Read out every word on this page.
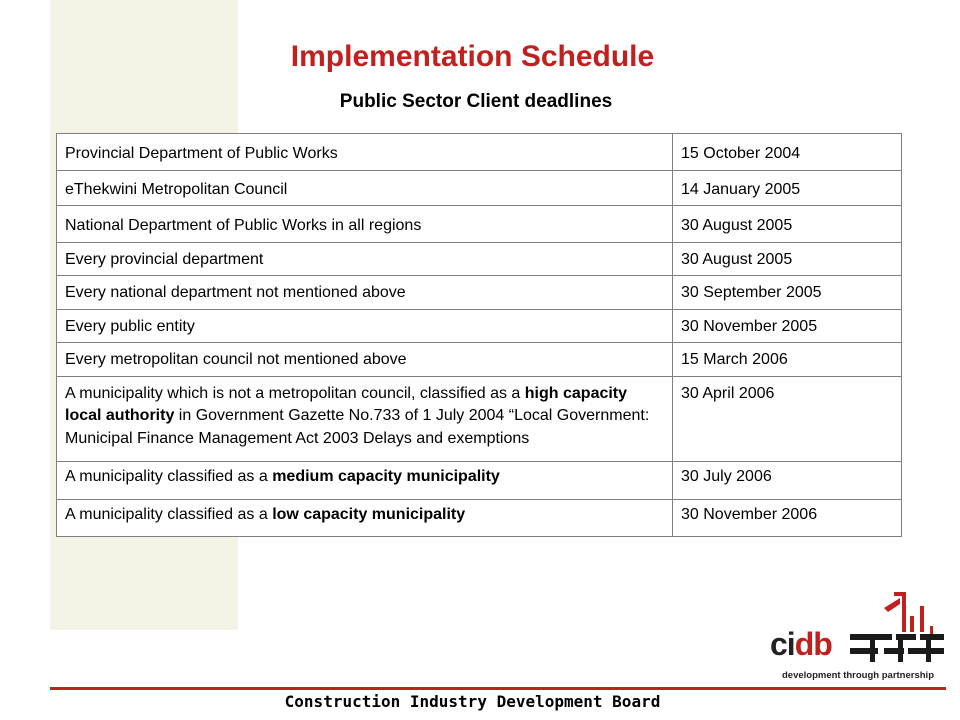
Implementation Schedule
Public Sector Client deadlines
Provincial Department of Public Works	15 October 2004
eThekwini Metropolitan Council	14 January 2005
National Department of Public Works in all regions	30 August 2005
Every provincial department	30 August 2005
Every national department not mentioned above	30 September 2005
Every public entity	30 November 2005
Every metropolitan council not mentioned above	15 March 2006
A municipality which is not a metropolitan council, classified as a high capacity local authority in Government Gazette No.733 of 1 July 2004 “Local Government: Municipal Finance Management Act 2003 Delays and exemptions	30 April 2006
A municipality classified as a medium capacity municipality	30 July 2006
A municipality classified as a low capacity municipality	30 November 2006
cidb
development through partnership
Construction Industry Development Board
